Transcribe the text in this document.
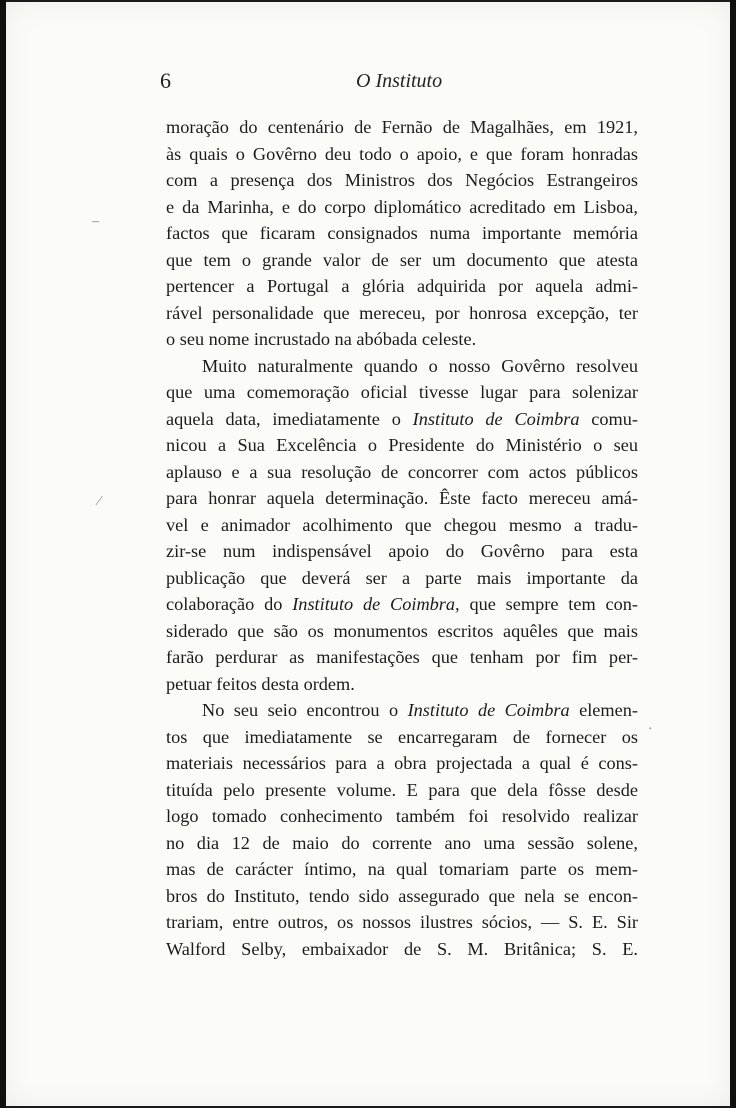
6	O Instituto
moração do centenário de Fernão de Magalhães, em 1921,
às quais o Govêrno deu todo o apoio, e que foram honradas
com a presença dos Ministros dos Negócios Estrangeiros
e da Marinha, e do corpo diplomático acreditado em Lisboa,
factos que ficaram consignados numa importante memória
que tem o grande valor de ser um documento que atesta
pertencer a Portugal a glória adquirida por aquela admi-
rável personalidade que mereceu, por honrosa excepção, ter
o seu nome incrustado na abóbada celeste.
Muito naturalmente quando o nosso Govêrno resolveu
que uma comemoração oficial tivesse lugar para solenizar
aquela data, imediatamente o Instituto de Coimbra comu-
nicou a Sua Excelência o Presidente do Ministério o seu
aplauso e a sua resolução de concorrer com actos públicos
para honrar aquela determinação. Êste facto mereceu amá-
vel e animador acolhimento que chegou mesmo a tradu-
zir-se num indispensável apoio do Govêrno para esta
publicação que deverá ser a parte mais importante da
colaboração do Instituto de Coimbra, que sempre tem con-
siderado que são os monumentos escritos aquêles que mais
farão perdurar as manifestações que tenham por fim per-
petuar feitos desta ordem.
No seu seio encontrou o Instituto de Coimbra elemen-
tos que imediatamente se encarregaram de fornecer os
materiais necessários para a obra projectada a qual é cons-
tituída pelo presente volume. E para que dela fôsse desde
logo tomado conhecimento também foi resolvido realizar
no dia 12 de maio do corrente ano uma sessão solene,
mas de carácter íntimo, na qual tomariam parte os mem-
bros do Instituto, tendo sido assegurado que nela se encon-
trariam, entre outros, os nossos ilustres sócios, — S. E. Sir
Walford Selby, embaixador de S. M. Britânica; S. E.
–
⁄
·
